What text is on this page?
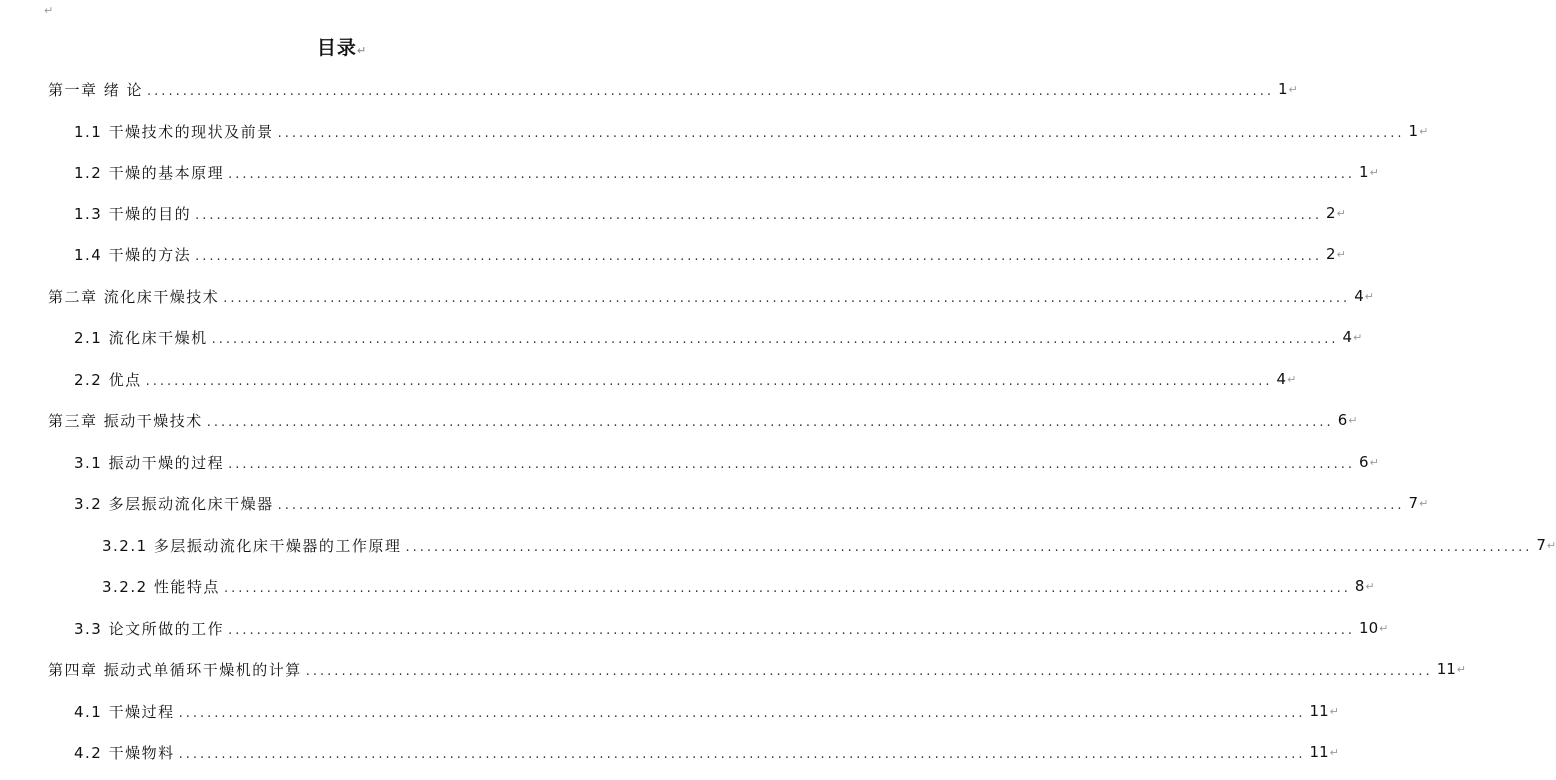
↵
目录↵
第一章 绪 论 .............................................................................................................................................................. 1 ↵
1.1 干燥技术的现状及前景 .............................................................................................................................................................. 1 ↵
1.2 干燥的基本原理 .............................................................................................................................................................. 1 ↵
1.3 干燥的目的 .............................................................................................................................................................. 2 ↵
1.4 干燥的方法 .............................................................................................................................................................. 2 ↵
第二章 流化床干燥技术 .............................................................................................................................................................. 4 ↵
2.1 流化床干燥机 .............................................................................................................................................................. 4 ↵
2.2 优点 .............................................................................................................................................................. 4 ↵
第三章 振动干燥技术 .............................................................................................................................................................. 6 ↵
3.1 振动干燥的过程 .............................................................................................................................................................. 6 ↵
3.2 多层振动流化床干燥器 .............................................................................................................................................................. 7 ↵
3.2.1 多层振动流化床干燥器的工作原理 .............................................................................................................................................................. 7 ↵
3.2.2 性能特点 .............................................................................................................................................................. 8 ↵
3.3 论文所做的工作 .............................................................................................................................................................. 10 ↵
第四章 振动式单循环干燥机的计算 .............................................................................................................................................................. 11 ↵
4.1 干燥过程 .............................................................................................................................................................. 11 ↵
4.2 干燥物料 .............................................................................................................................................................. 11 ↵
